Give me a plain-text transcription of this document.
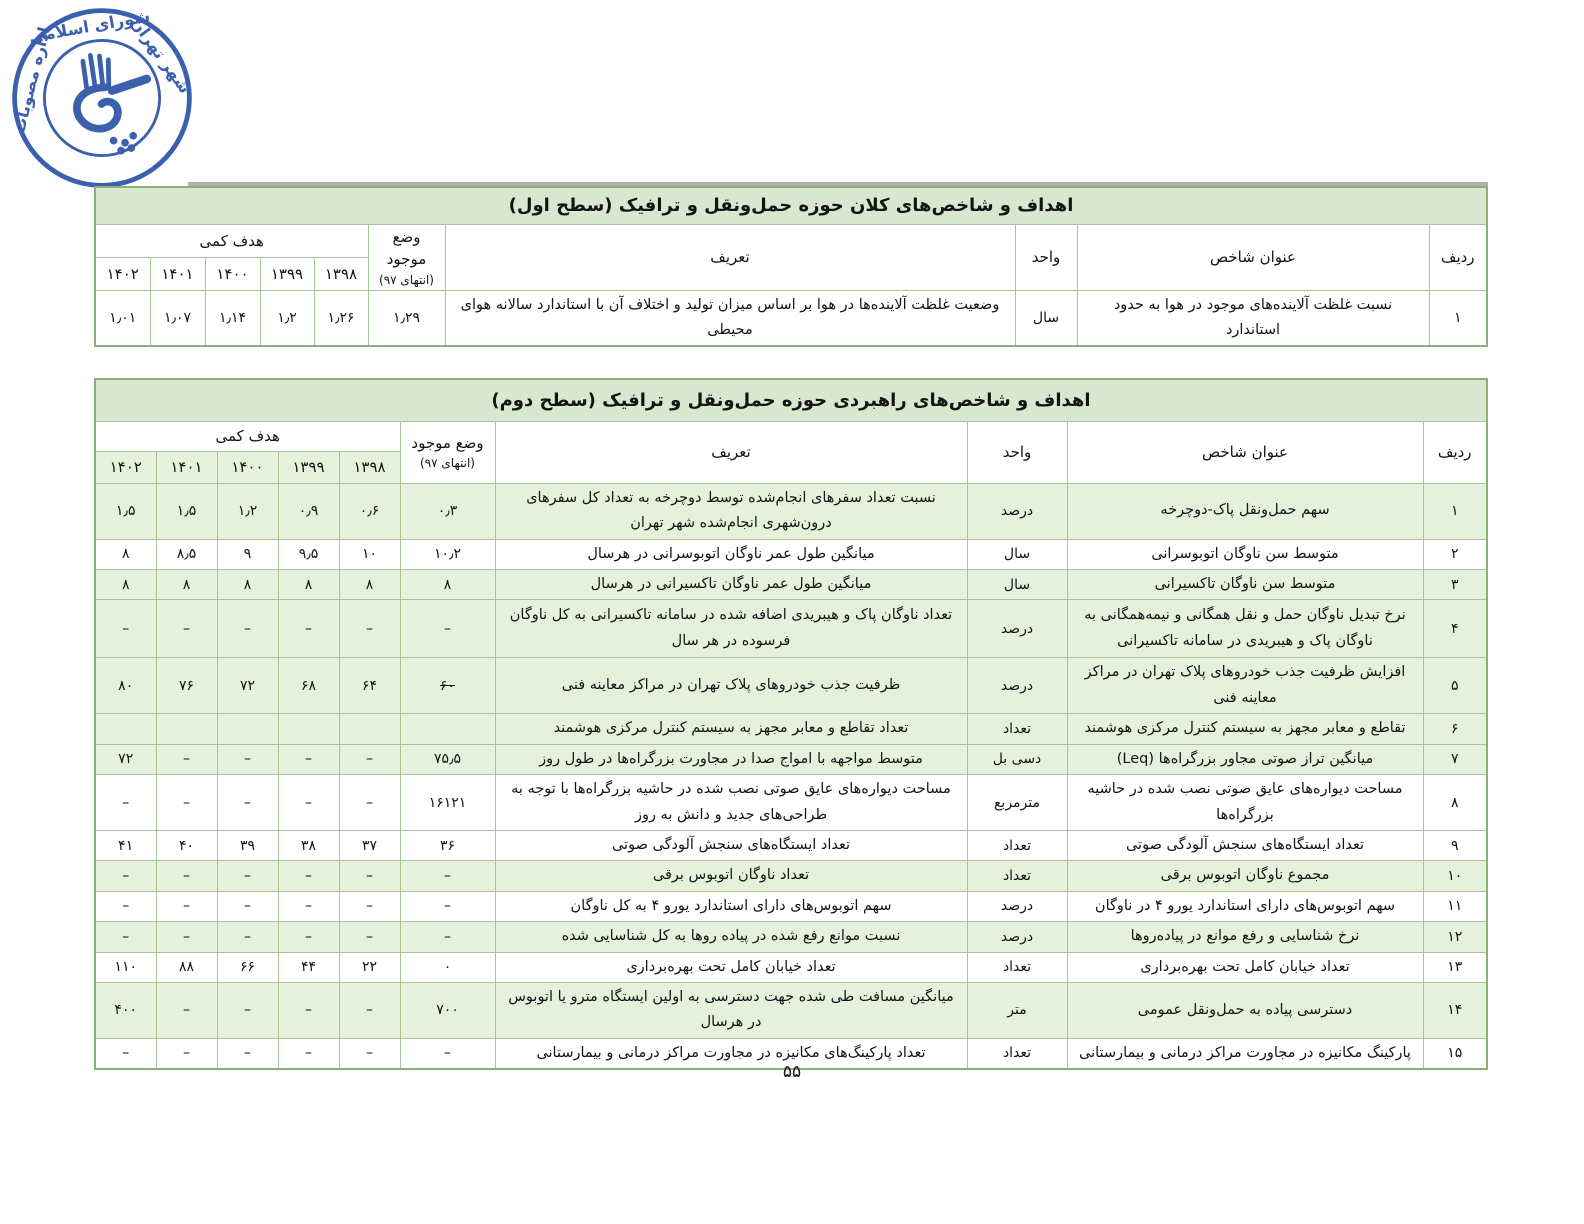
اداره مصوبات
شورای اسلامی
شهر تهران
اهداف و شاخص‌های کلان حوزه حمل‌ونقل و ترافیک (سطح اول)									
ردیف	عنوان شاخص	واحد	تعریف	وضع موجود
(انتهای ۹۷)	هدف کمی				
					۱۳۹۸	۱۳۹۹	۱۴۰۰	۱۴۰۱	۱۴۰۲
۱	نسبت غلظت آلاینده‌های موجود در هوا به حدود استاندارد	سال	وضعیت غلظت آلاینده‌ها در هوا بر اساس میزان تولید و اختلاف آن با استاندارد سالانه هوای محیطی	۱٫۲۹	۱٫۲۶	۱٫۲	۱٫۱۴	۱٫۰۷	۱٫۰۱
اهداف و شاخص‌های راهبردی حوزه حمل‌ونقل و ترافیک (سطح دوم)									
ردیف	عنوان شاخص	واحد	تعریف	وضع موجود
(انتهای ۹۷)	هدف کمی				
					۱۳۹۸	۱۳۹۹	۱۴۰۰	۱۴۰۱	۱۴۰۲
۱	سهم حمل‌ونقل پاک-دوچرخه	درصد	نسبت تعداد سفرهای انجام‌شده توسط دوچرخه به تعداد کل سفرهای درون‌شهری انجام‌شده شهر تهران	۰٫۳	۰٫۶	۰٫۹	۱٫۲	۱٫۵	۱٫۵
۲	متوسط سن ناوگان اتوبوسرانی	سال	میانگین طول عمر ناوگان اتوبوسرانی در هرسال	۱۰٫۲	۱۰	۹٫۵	۹	۸٫۵	۸
۳	متوسط سن ناوگان تاکسیرانی	سال	میانگین طول عمر ناوگان تاکسیرانی در هرسال	۸	۸	۸	۸	۸	۸
۴	نرخ تبدیل ناوگان حمل و نقل همگانی و نیمه‌همگانی به ناوگان پاک و هیبریدی در سامانه تاکسیرانی	درصد	تعداد ناوگان پاک و هیبریدی اضافه شده در سامانه تاکسیرانی به کل ناوگان فرسوده در هر سال	–	–	–	–	–	–
۵	افزایش ظرفیت جذب خودروهای پلاک تهران در مراکز معاینه فنی	درصد	ظرفیت جذب خودروهای پلاک تهران در مراکز معاینه فنی	۶۰	۶۴	۶۸	۷۲	۷۶	۸۰
۶	تقاطع و معابر مجهز به سیستم کنترل مرکزی هوشمند	تعداد	تعداد تقاطع و معابر مجهز به سیستم کنترل مرکزی هوشمند						
۷	میانگین تراز صوتی مجاور بزرگراه‌ها (Leq)	دسی بل	متوسط مواجهه با امواج صدا در مجاورت بزرگراه‌ها در طول روز	۷۵٫۵	–	–	–	–	۷۲
۸	مساحت دیواره‌های عایق صوتی نصب شده در حاشیه بزرگراه‌ها	مترمربع	مساحت دیواره‌های عایق صوتی نصب شده در حاشیه بزرگراه‌ها با توجه به طراحی‌های جدید و دانش به روز	۱۶۱۲۱	–	–	–	–	–
۹	تعداد ایستگاه‌های سنجش آلودگی صوتی	تعداد	تعداد ایستگاه‌های سنجش آلودگی صوتی	۳۶	۳۷	۳۸	۳۹	۴۰	۴۱
۱۰	مجموع ناوگان اتوبوس برقی	تعداد	تعداد ناوگان اتوبوس برقی	–	–	–	–	–	–
۱۱	سهم اتوبوس‌های دارای استاندارد یورو ۴ در ناوگان	درصد	سهم اتوبوس‌های دارای استاندارد یورو ۴ به کل ناوگان	–	–	–	–	–	–
۱۲	نرخ شناسایی و رفع موانع در پیاده‌روها	درصد	نسبت موانع رفع شده در پیاده روها به کل شناسایی شده	–	–	–	–	–	–
۱۳	تعداد خیابان کامل تحت بهره‌برداری	تعداد	تعداد خیابان کامل تحت بهره‌برداری	۰	۲۲	۴۴	۶۶	۸۸	۱۱۰
۱۴	دسترسی پیاده به حمل‌ونقل عمومی	متر	میانگین مسافت طی شده جهت دسترسی به اولین ایستگاه مترو یا اتوبوس در هرسال	۷۰۰	–	–	–	–	۴۰۰
۱۵	پارکینگ مکانیزه در مجاورت مراکز درمانی و بیمارستانی	تعداد	تعداد پارکینگ‌های مکانیزه در مجاورت مراکز درمانی و بیمارستانی	–	–	–	–	–	–
۵۵
